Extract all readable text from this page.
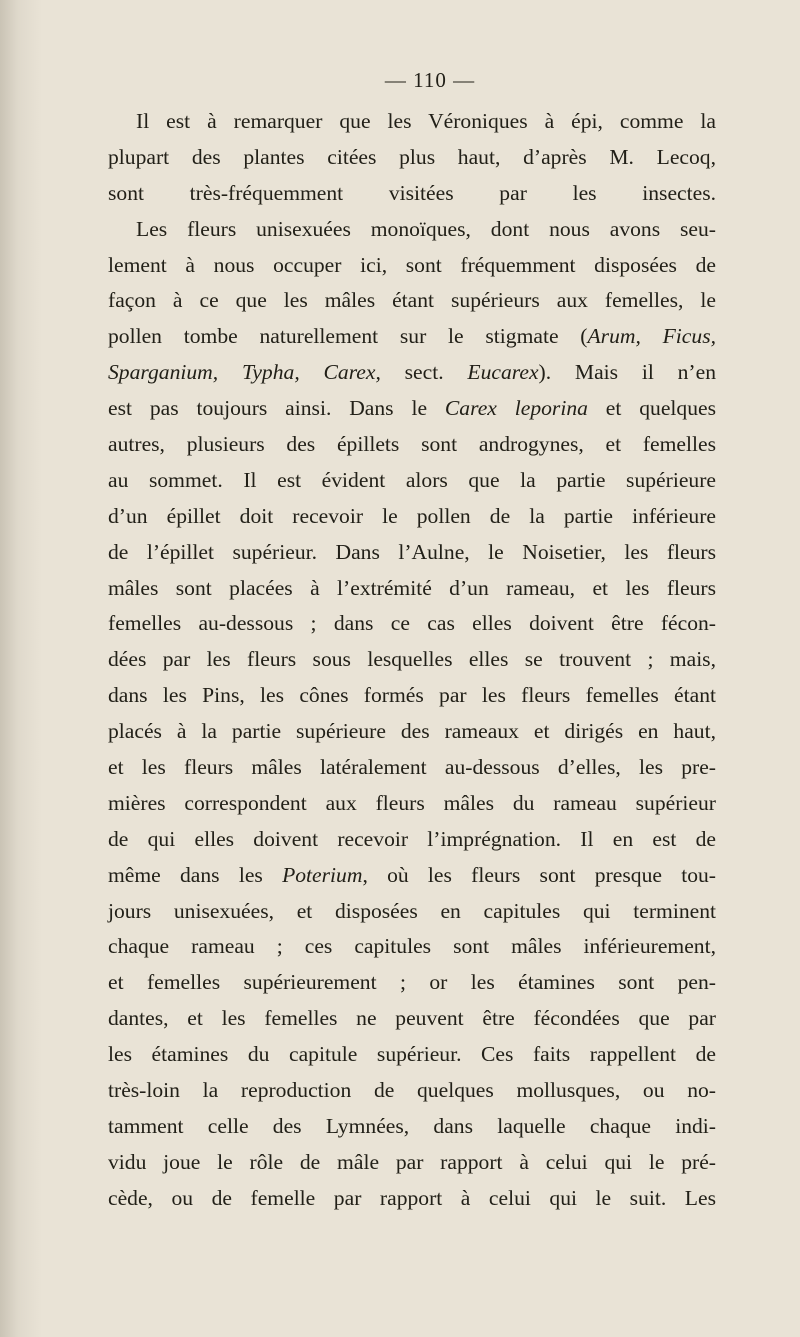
— 110 —
Il est à remarquer que les Véroniques à épi, comme la
plupart des plantes citées plus haut, d’après M. Lecoq,
sont très-fréquemment visitées par les insectes.
Les fleurs unisexuées monoïques, dont nous avons seu-
lement à nous occuper ici, sont fréquemment disposées de
façon à ce que les mâles étant supérieurs aux femelles, le
pollen tombe naturellement sur le stigmate (Arum, Ficus,
Sparganium, Typha, Carex, sect. Eucarex). Mais il n’en
est pas toujours ainsi. Dans le Carex leporina et quelques
autres, plusieurs des épillets sont androgynes, et femelles
au sommet. Il est évident alors que la partie supérieure
d’un épillet doit recevoir le pollen de la partie inférieure
de l’épillet supérieur. Dans l’Aulne, le Noisetier, les fleurs
mâles sont placées à l’extrémité d’un rameau, et les fleurs
femelles au-dessous ; dans ce cas elles doivent être fécon-
dées par les fleurs sous lesquelles elles se trouvent ; mais,
dans les Pins, les cônes formés par les fleurs femelles étant
placés à la partie supérieure des rameaux et dirigés en haut,
et les fleurs mâles latéralement au-dessous d’elles, les pre-
mières correspondent aux fleurs mâles du rameau supérieur
de qui elles doivent recevoir l’imprégnation. Il en est de
même dans les Poterium, où les fleurs sont presque tou-
jours unisexuées, et disposées en capitules qui terminent
chaque rameau ; ces capitules sont mâles inférieurement,
et femelles supérieurement ; or les étamines sont pen-
dantes, et les femelles ne peuvent être fécondées que par
les étamines du capitule supérieur. Ces faits rappellent de
très-loin la reproduction de quelques mollusques, ou no-
tamment celle des Lymnées, dans laquelle chaque indi-
vidu joue le rôle de mâle par rapport à celui qui le pré-
cède, ou de femelle par rapport à celui qui le suit. Les
